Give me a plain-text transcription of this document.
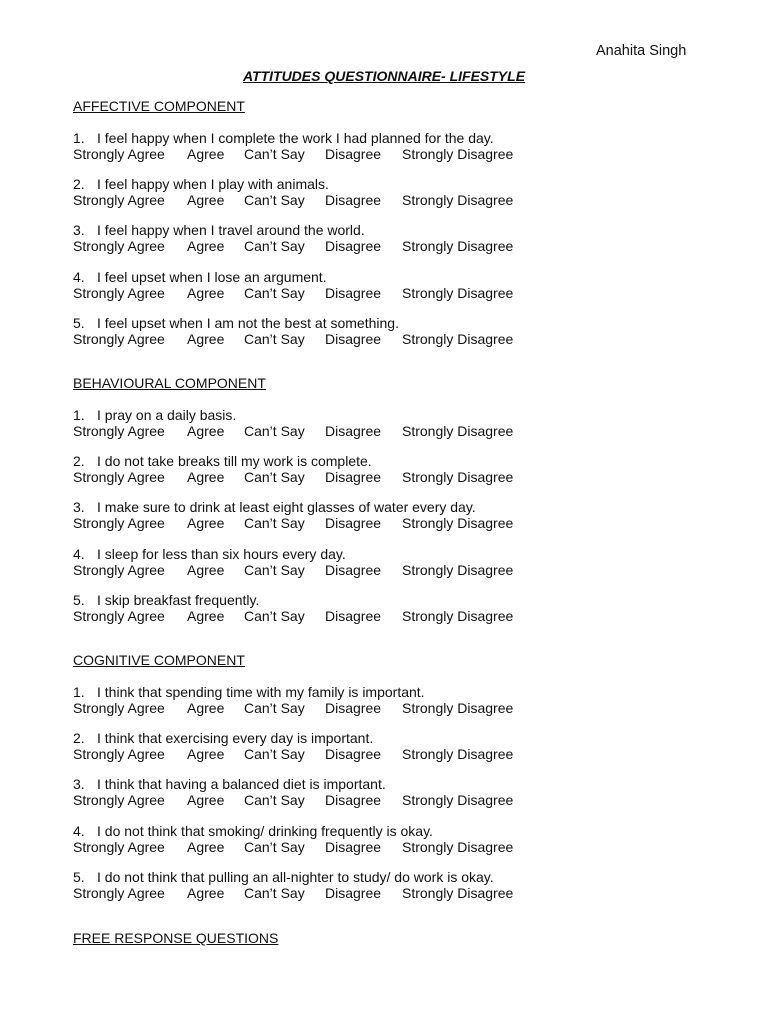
Anahita Singh
ATTITUDES QUESTIONNAIRE- LIFESTYLE
AFFECTIVE COMPONENT
1. I feel happy when I complete the work I had planned for the day.
Strongly Agree Agree Can’t Say Disagree Strongly Disagree
2. I feel happy when I play with animals.
Strongly Agree Agree Can’t Say Disagree Strongly Disagree
3. I feel happy when I travel around the world.
Strongly Agree Agree Can’t Say Disagree Strongly Disagree
4. I feel upset when I lose an argument.
Strongly Agree Agree Can’t Say Disagree Strongly Disagree
5. I feel upset when I am not the best at something.
Strongly Agree Agree Can’t Say Disagree Strongly Disagree
BEHAVIOURAL COMPONENT
1. I pray on a daily basis.
Strongly Agree Agree Can’t Say Disagree Strongly Disagree
2. I do not take breaks till my work is complete.
Strongly Agree Agree Can’t Say Disagree Strongly Disagree
3. I make sure to drink at least eight glasses of water every day.
Strongly Agree Agree Can’t Say Disagree Strongly Disagree
4. I sleep for less than six hours every day.
Strongly Agree Agree Can’t Say Disagree Strongly Disagree
5. I skip breakfast frequently.
Strongly Agree Agree Can’t Say Disagree Strongly Disagree
COGNITIVE COMPONENT
1. I think that spending time with my family is important.
Strongly Agree Agree Can’t Say Disagree Strongly Disagree
2. I think that exercising every day is important.
Strongly Agree Agree Can’t Say Disagree Strongly Disagree
3. I think that having a balanced diet is important.
Strongly Agree Agree Can’t Say Disagree Strongly Disagree
4. I do not think that smoking/ drinking frequently is okay.
Strongly Agree Agree Can’t Say Disagree Strongly Disagree
5. I do not think that pulling an all-nighter to study/ do work is okay.
Strongly Agree Agree Can’t Say Disagree Strongly Disagree
FREE RESPONSE QUESTIONS
